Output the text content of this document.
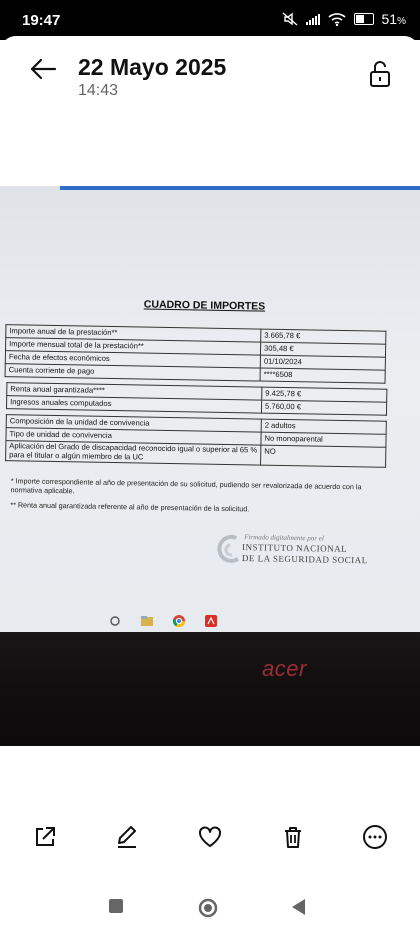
19:47	51%
22 Mayo 2025
14:43
CUADRO DE IMPORTES
Importe anual de la prestación**	3.665,78 €
Importe mensual total de la prestación**	305,48 €
Fecha de efectos económicos	01/10/2024
Cuenta corriente de pago	****6508
Renta anual garantizada****	9.425,78 €
Ingresos anuales computados	5.760,00 €
Composición de la unidad de convivencia	2 adultos
Tipo de unidad de convivencia	No monoparental
Aplicación del Grado de discapacidad reconocido igual o superior al 65 % para el titular o algún miembro de la UC	NO
* Importe correspondiente al año de presentación de su solicitud, pudiendo ser revalorizada de acuerdo con la normativa aplicable.
** Renta anual garantizada referente al año de presentación de la solicitud.
Firmado digitalmente por el
INSTITUTO NACIONAL
DE LA SEGURIDAD SOCIAL
acer
